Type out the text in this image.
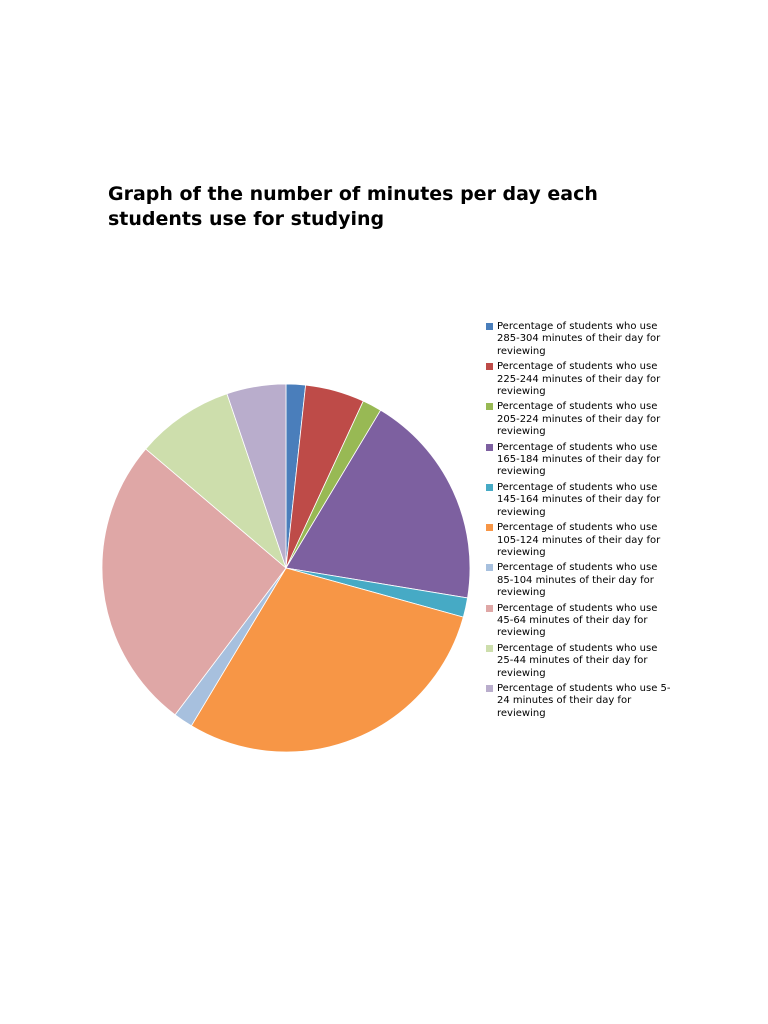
Graph of the number of minutes per day each students use for studying
Percentage of students who use 285-304 minutes of their day for reviewing
Percentage of students who use 225-244 minutes of their day for reviewing
Percentage of students who use 205-224 minutes of their day for reviewing
Percentage of students who use 165-184 minutes of their day for reviewing
Percentage of students who use 145-164 minutes of their day for reviewing
Percentage of students who use 105-124 minutes of their day for reviewing
Percentage of students who use 85-104 minutes of their day for reviewing
Percentage of students who use 45-64 minutes of their day for reviewing
Percentage of students who use 25-44 minutes of their day for reviewing
Percentage of students who use 5-24 minutes of their day for reviewing
